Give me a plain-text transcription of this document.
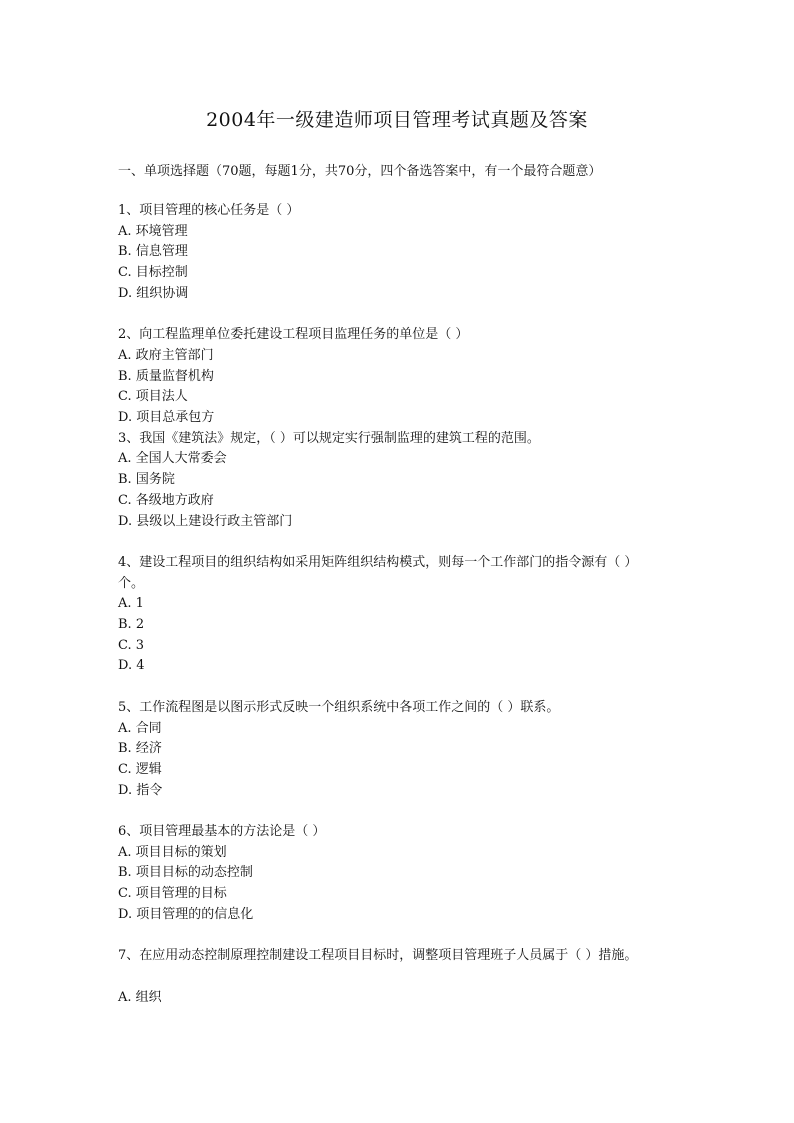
2004年一级建造师项目管理考试真题及答案
一、单项选择题（70题，每题1分，共70分，四个备选答案中，有一个最符合题意）
1、项目管理的核心任务是（ ）
A. 环境管理
B. 信息管理
C. 目标控制
D. 组织协调
2、向工程监理单位委托建设工程项目监理任务的单位是（ ）
A. 政府主管部门
B. 质量监督机构
C. 项目法人
D. 项目总承包方
3、我国《建筑法》规定，（ ）可以规定实行强制监理的建筑工程的范围。
A. 全国人大常委会
B. 国务院
C. 各级地方政府
D. 县级以上建设行政主管部门
4、建设工程项目的组织结构如采用矩阵组织结构模式，则每一个工作部门的指令源有（ ）个。
A. 1
B. 2
C. 3
D. 4
5、工作流程图是以图示形式反映一个组织系统中各项工作之间的（ ）联系。
A. 合同
B. 经济
C. 逻辑
D. 指令
6、项目管理最基本的方法论是（ ）
A. 项目目标的策划
B. 项目目标的动态控制
C. 项目管理的目标
D. 项目管理的的信息化
7、在应用动态控制原理控制建设工程项目目标时，调整项目管理班子人员属于（ ）措施。
A. 组织
